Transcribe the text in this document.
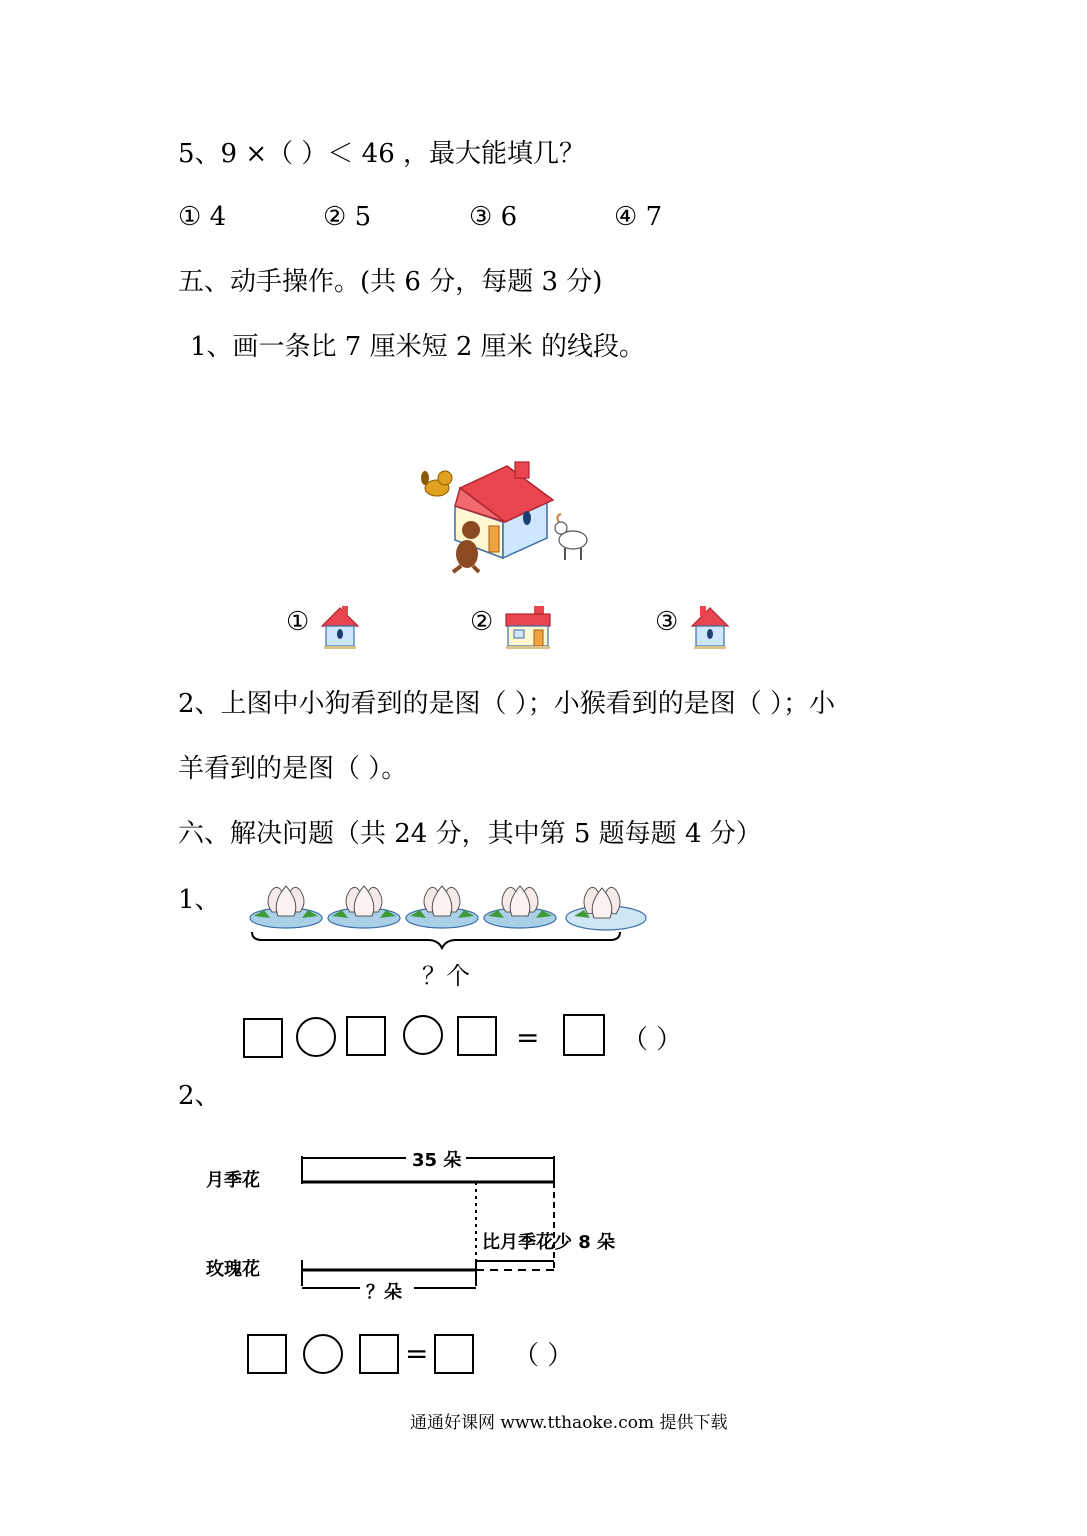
5、9 ×（ ）＜ 46 ，最大能填几？
① 4	② 5	③ 6	④ 7
五、动手操作。(共 6 分，每题 3 分)
1、画一条比 7 厘米短 2 厘米 的线段。
①	②	③
2、上图中小狗看到的是图（ ）；小猴看到的是图（ ）；小
羊看到的是图（ ）。
六、解决问题（共 24 分，其中第 5 题每题 4 分）
1、
？个
=	（ ）
2、
月季花
玫瑰花
35 朵
比月季花少 8 朵
？朵
=	（ ）
通通好课网 www.tthaoke.com 提供下载
